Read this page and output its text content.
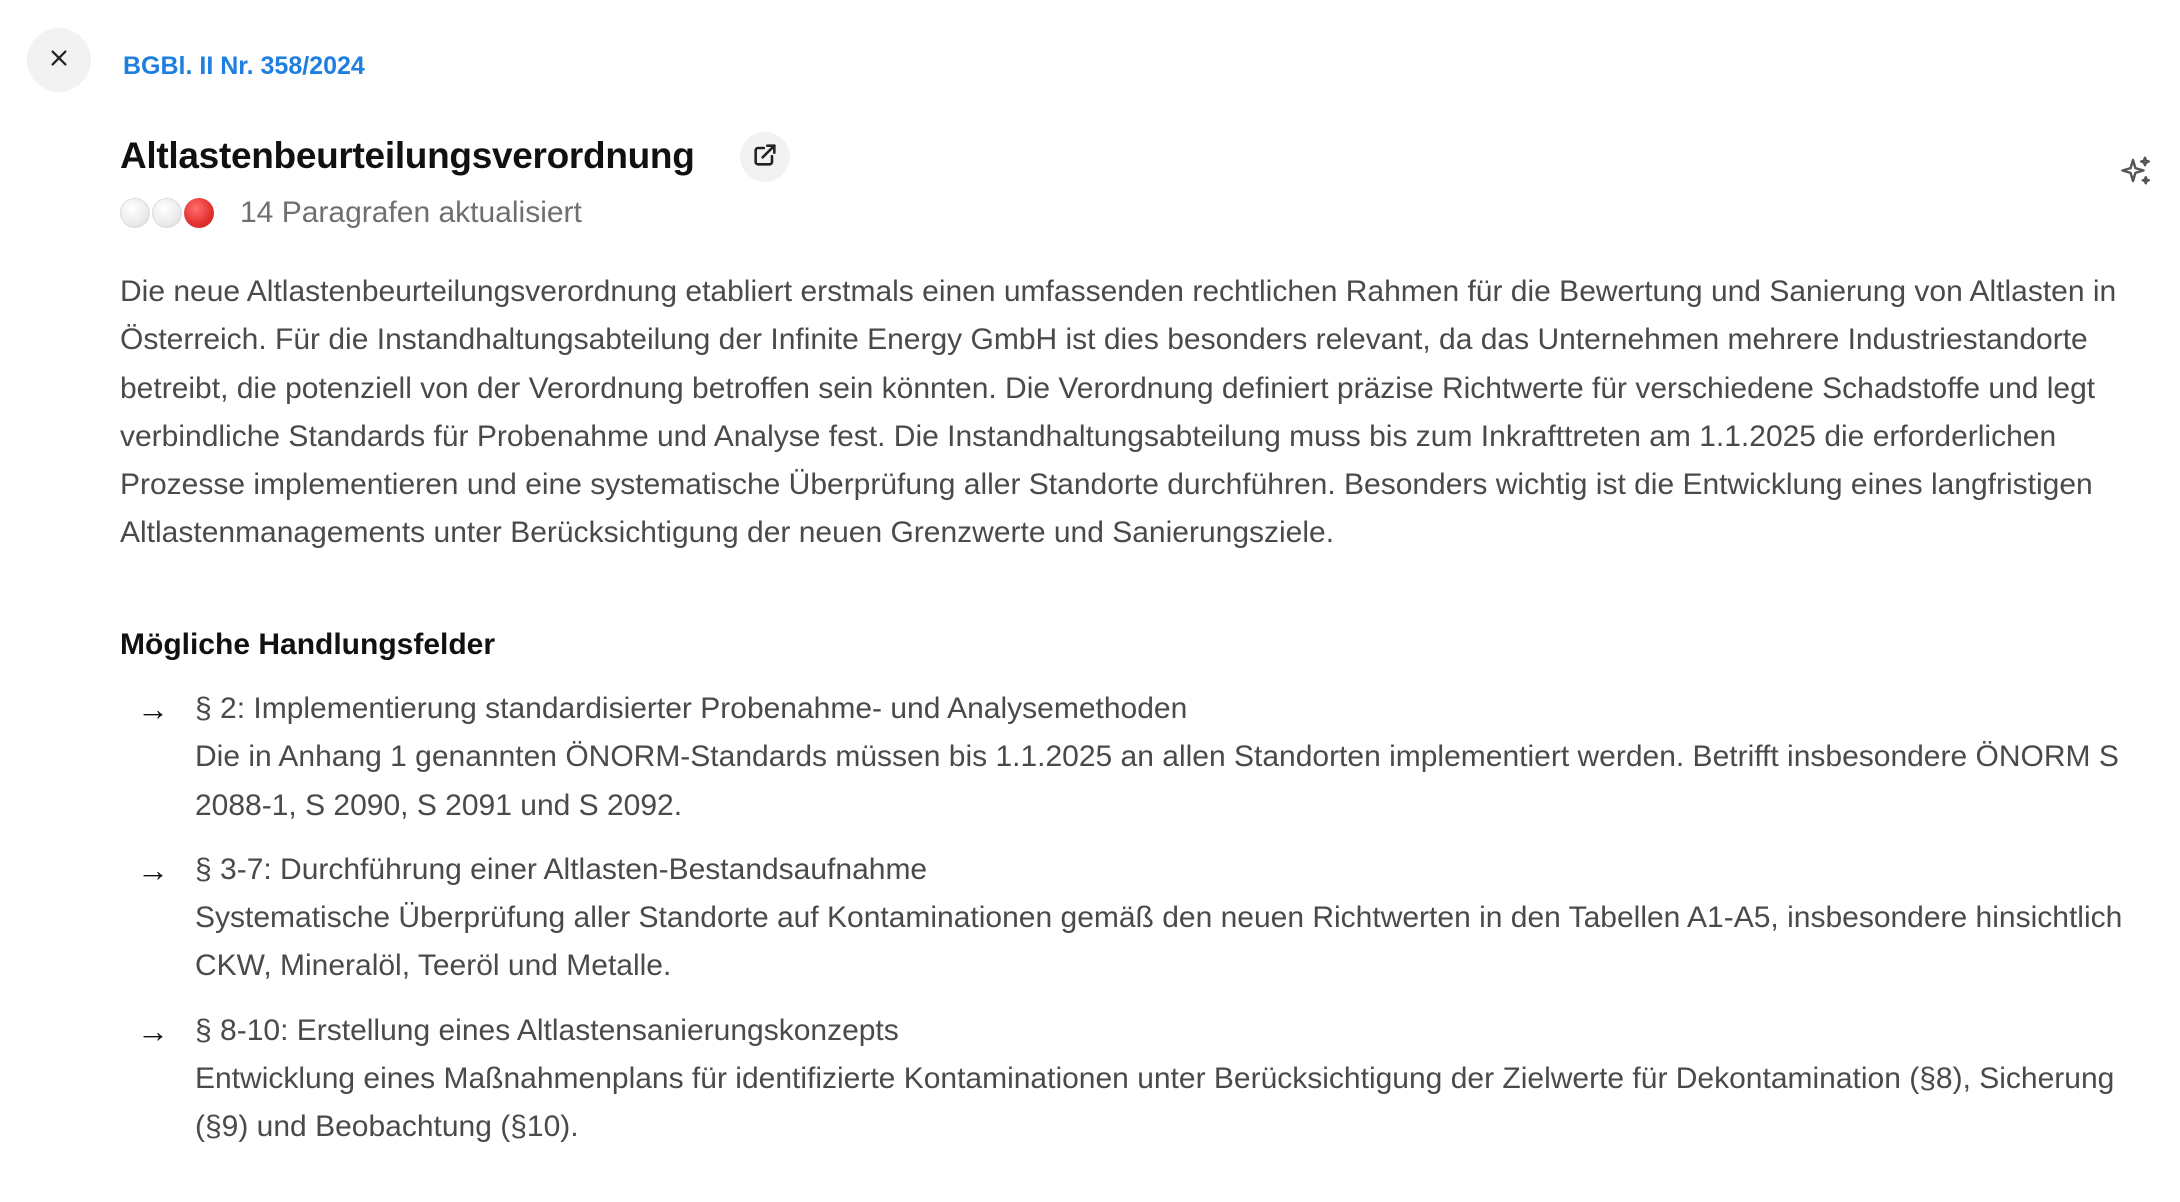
BGBl. II Nr. 358/2024
Altlastenbeurteilungsverordnung
14 Paragrafen aktualisiert

Die neue Altlastenbeurteilungsverordnung etabliert erstmals einen umfassenden rechtlichen Rahmen für die Bewertung und Sanierung von Altlasten in Österreich. Für die Instandhaltungsabteilung der Infinite Energy GmbH ist dies besonders relevant, da das Unternehmen mehrere Industriestandorte betreibt, die potenziell von der Verordnung betroffen sein könnten. Die Verordnung definiert präzise Richtwerte für verschiedene Schadstoffe und legt verbindliche Standards für Probenahme und Analyse fest. Die Instandhaltungsabteilung muss bis zum Inkrafttreten am 1.1.2025 die erforderlichen Prozesse implementieren und eine systematische Überprüfung aller Standorte durchführen. Besonders wichtig ist die Entwicklung eines langfristigen Altlastenmanagements unter Berücksichtigung der neuen Grenzwerte und Sanierungsziele.

Mögliche Handlungsfelder
→ § 2: Implementierung standardisierter Probenahme- und Analysemethoden
Die in Anhang 1 genannten ÖNORM-Standards müssen bis 1.1.2025 an allen Standorten implementiert werden. Betrifft insbesondere ÖNORM S 2088-1, S 2090, S 2091 und S 2092.
→ § 3-7: Durchführung einer Altlasten-Bestandsaufnahme
Systematische Überprüfung aller Standorte auf Kontaminationen gemäß den neuen Richtwerten in den Tabellen A1-A5, insbesondere hinsichtlich CKW, Mineralöl, Teeröl und Metalle.
→ § 8-10: Erstellung eines Altlastensanierungskonzepts
Entwicklung eines Maßnahmenplans für identifizierte Kontaminationen unter Berücksichtigung der Zielwerte für Dekontamination (§8), Sicherung (§9) und Beobachtung (§10).
